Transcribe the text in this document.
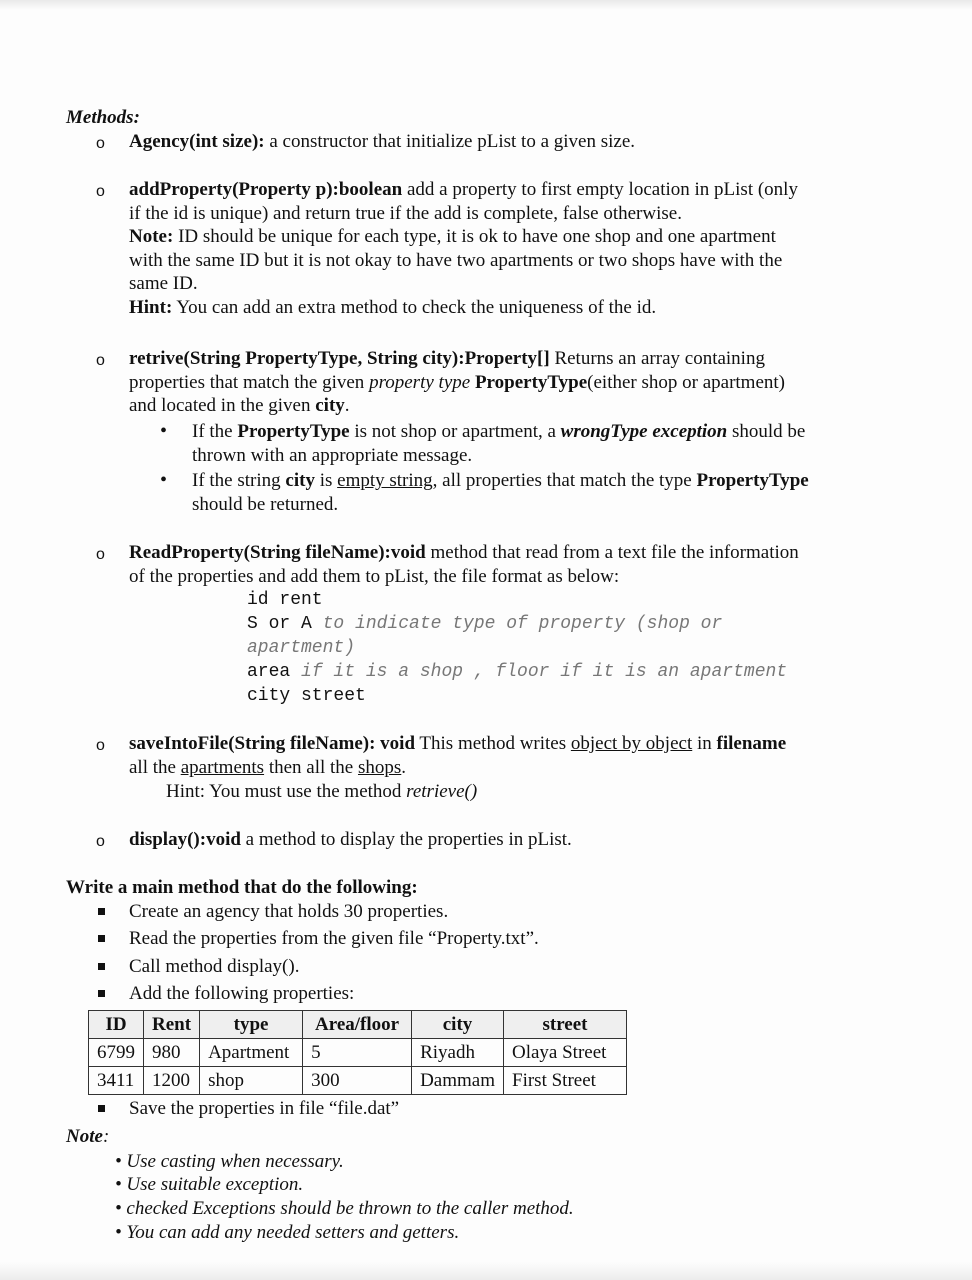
Methods:
o Agency(int size): a constructor that initialize pList to a given size.
o addProperty(Property p):boolean add a property to first empty location in pList (only
if the id is unique) and return true if the add is complete, false otherwise.
Note: ID should be unique for each type, it is ok to have one shop and one apartment
with the same ID but it is not okay to have two apartments or two shops have with the
same ID.
Hint: You can add an extra method to check the uniqueness of the id.
o retrive(String PropertyType, String city):Property[] Returns an array containing
properties that match the given property type PropertyType(either shop or apartment)
and located in the given city.
• If the PropertyType is not shop or apartment, a wrongType exception should be
thrown with an appropriate message.
• If the string city is empty string, all properties that match the type PropertyType
should be returned.
o ReadProperty(String fileName):void method that read from a text file the information
of the properties and add them to pList, the file format as below:
id rent
S or A to indicate type of property (shop or
apartment)
area if it is a shop , floor if it is an apartment
city street
o saveIntoFile(String fileName): void This method writes object by object in filename
all the apartments then all the shops.
Hint: You must use the method retrieve()
o display():void a method to display the properties in pList.
Write a main method that do the following:
Create an agency that holds 30 properties.
Read the properties from the given file “Property.txt”.
Call method display().
Add the following properties:
ID	Rent	type	Area/floor	city	street
6799	980	Apartment	5	Riyadh	Olaya Street
3411	1200	shop	300	Dammam	First Street
Save the properties in file “file.dat”
Note:
• Use casting when necessary.
• Use suitable exception.
• checked Exceptions should be thrown to the caller method.
• You can add any needed setters and getters.
